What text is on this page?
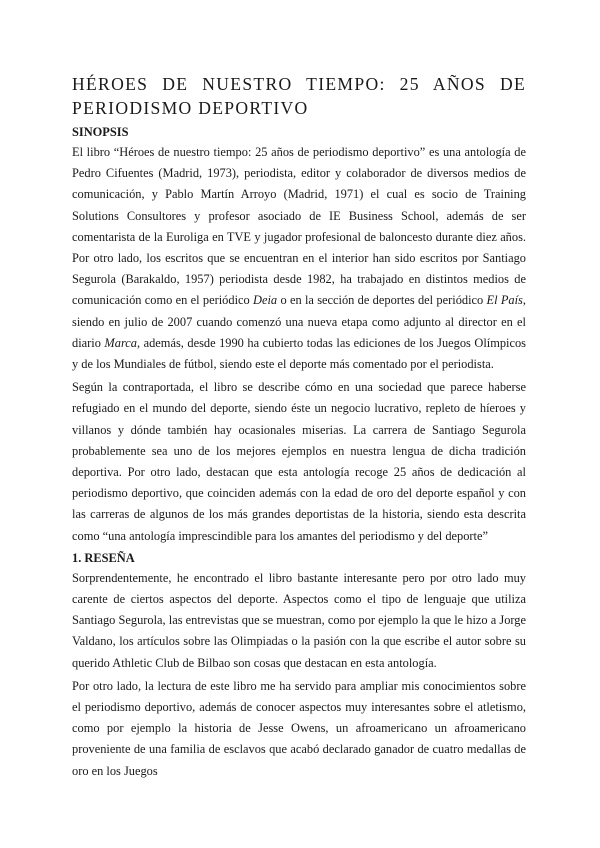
HÉROES DE NUESTRO TIEMPO: 25 AÑOS DE PERIODISMO DEPORTIVO
SINOPSIS

El libro “Héroes de nuestro tiempo: 25 años de periodismo deportivo” es una antología de Pedro Cifuentes (Madrid, 1973), periodista, editor y colaborador de diversos medios de comunicación, y Pablo Martín Arroyo (Madrid, 1971) el cual es socio de Training Solutions Consultores y profesor asociado de IE Business School, además de ser comentarista de la Euroliga en TVE y jugador profesional de baloncesto durante diez años. Por otro lado, los escritos que se encuentran en el interior han sido escritos por Santiago Segurola (Barakaldo, 1957) periodista desde 1982, ha trabajado en distintos medios de comunicación como en el periódico Deia o en la sección de deportes del periódico El País, siendo en julio de 2007 cuando comenzó una nueva etapa como adjunto al director en el diario Marca, además, desde 1990 ha cubierto todas las ediciones de los Juegos Olímpicos y de los Mundiales de fútbol, siendo este el deporte más comentado por el periodista.

Según la contraportada, el libro se describe cómo en una sociedad que parece haberse refugiado en el mundo del deporte, siendo éste un negocio lucrativo, repleto de híeroes y villanos y dónde también hay ocasionales miserias. La carrera de Santiago Segurola probablemente sea uno de los mejores ejemplos en nuestra lengua de dicha tradición deportiva. Por otro lado, destacan que esta antología recoge 25 años de dedicación al periodismo deportivo, que coinciden además con la edad de oro del deporte español y con las carreras de algunos de los más grandes deportistas de la historia, siendo esta descrita como “una antología imprescindible para los amantes del periodismo y del deporte”

1. RESEÑA

Sorprendentemente, he encontrado el libro bastante interesante pero por otro lado muy carente de ciertos aspectos del deporte. Aspectos como el tipo de lenguaje que utiliza Santiago Segurola, las entrevistas que se muestran, como por ejemplo la que le hizo a Jorge Valdano, los artículos sobre las Olimpiadas o la pasión con la que escribe el autor sobre su querido Athletic Club de Bilbao son cosas que destacan en esta antología.

Por otro lado, la lectura de este libro me ha servido para ampliar mis conocimientos sobre el periodismo deportivo, además de conocer aspectos muy interesantes sobre el atletismo, como por ejemplo la historia de Jesse Owens, un afroamericano un afroamericano proveniente de una familia de esclavos que acabó declarado ganador de cuatro medallas de oro en los Juegos
